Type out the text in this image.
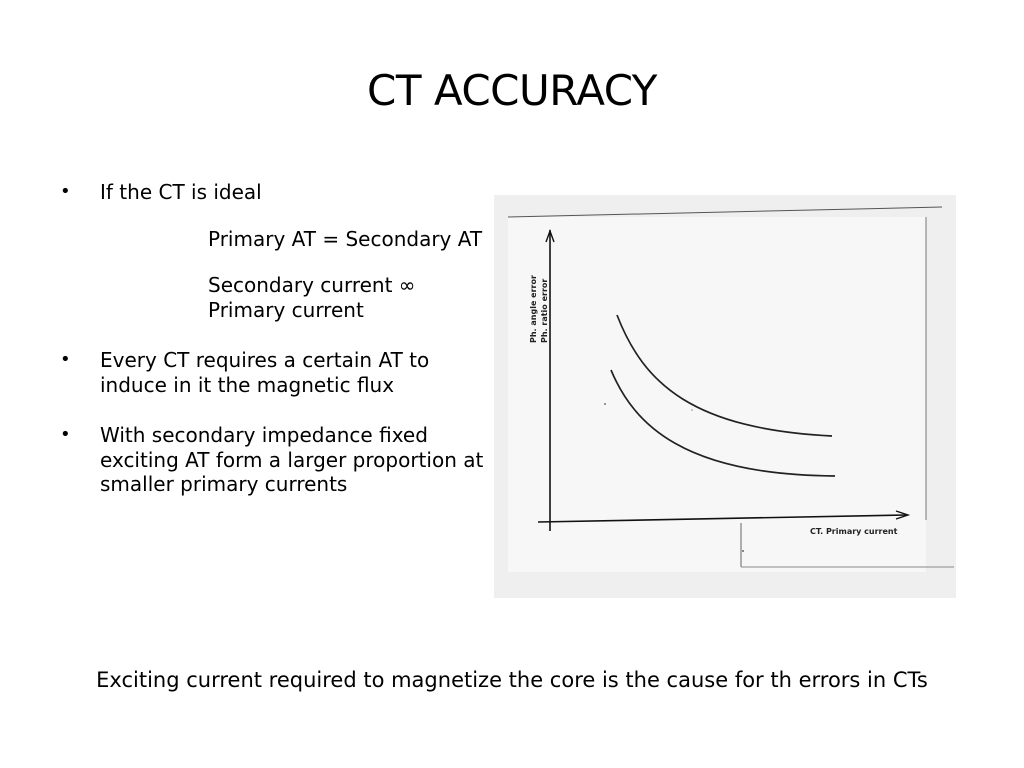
CT ACCURACY
• If the CT is ideal
Primary AT = Secondary AT
Secondary current ∞ Primary current
• Every CT requires a certain AT to induce in it the magnetic flux
• With secondary impedance fixed exciting AT form a larger proportion at smaller primary currents
Ph. angle error Ph. ratio error
CT. Primary current
Exciting current required to magnetize the core is the cause for th errors in CTs
